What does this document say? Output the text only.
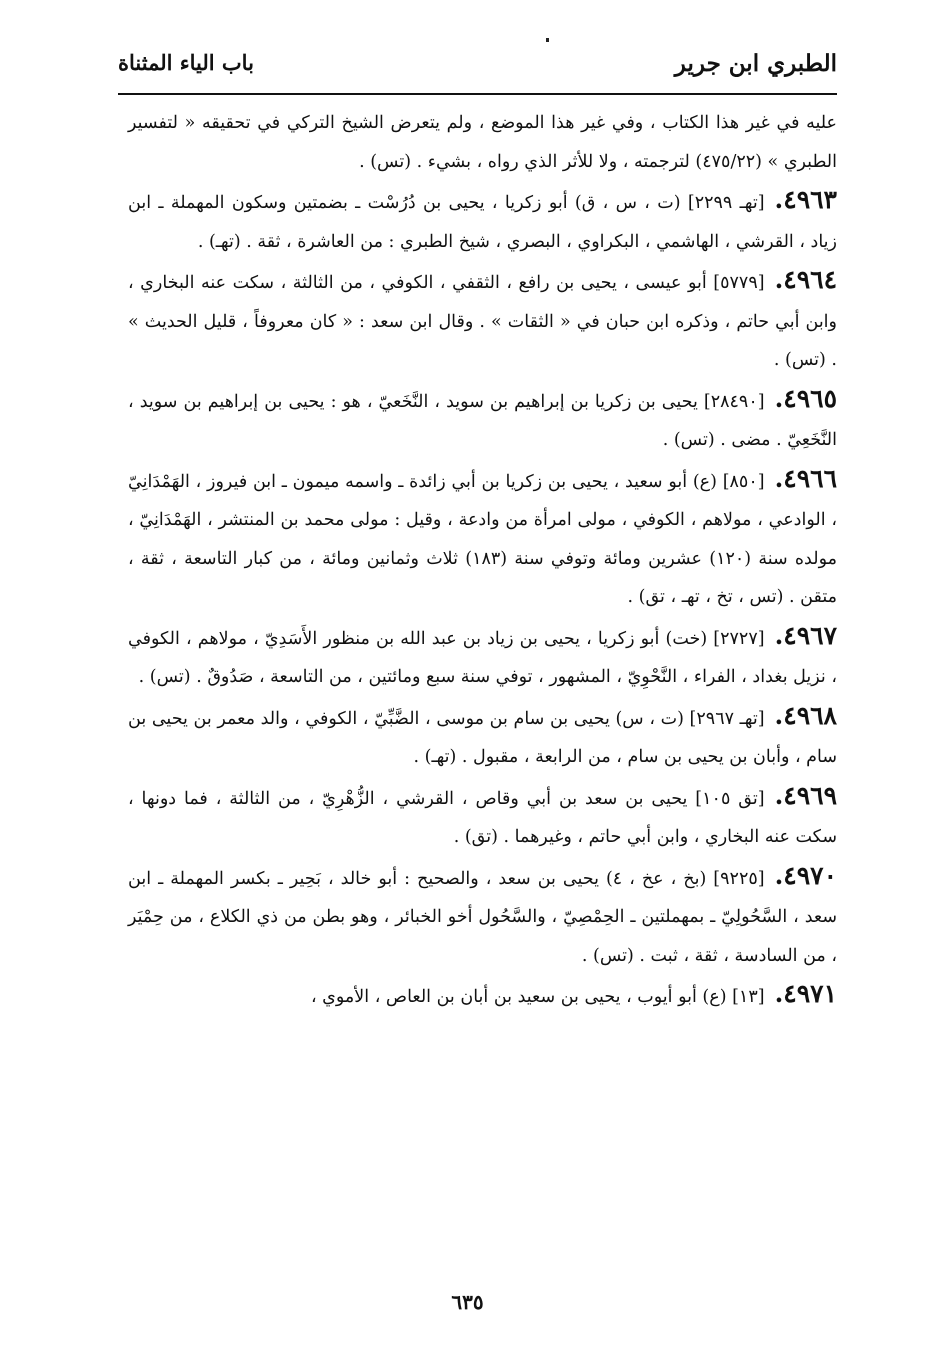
الطبري ابن جرير
باب الياء المثناة

عليه في غير هذا الكتاب ، وفي غير هذا الموضع ، ولم يتعرض الشيخ التركي في تحقيقه « لتفسير الطبري » (٤٧٥/٢٢) لترجمته ، ولا للأثر الذي رواه ، بشيء . (تس) .

٤٩٦٣.[تهـ ٢٢٩٩] (ت ، س ، ق) أبو زكريا ، يحيى بن دُرُسْت ـ بضمتين وسكون المهملة ـ ابن زياد ، القرشي ، الهاشمي ، البكراوي ، البصري ، شيخ الطبري : من العاشرة ، ثقة . (تهـ) .

٤٩٦٤.[٥٧٧٩] أبو عيسى ، يحيى بن رافع ، الثقفي ، الكوفي ، من الثالثة ، سكت عنه البخاري ، وابن أبي حاتم ، وذكره ابن حبان في « الثقات » . وقال ابن سعد : « كان معروفاً ، قليل الحديث » . (تس) .

٤٩٦٥.[٢٨٤٩٠] يحيى بن زكريا بن إبراهيم بن سويد ، النَّخَعيّ ، هو : يحيى بن إبراهيم بن سويد ، النَّخَعِيّ . مضى . (تس) .

٤٩٦٦.[٨٥٠] (ع) أبو سعيد ، يحيى بن زكريا بن أبي زائدة ـ واسمه ميمون ـ ابن فيروز ، الهَمْدَانِيّ ، الوادعي ، مولاهم ، الكوفي ، مولى امرأة من وادعة ، وقيل : مولى محمد بن المنتشر ، الهَمْدَانِيّ ، مولده سنة (١٢٠) عشرين ومائة وتوفي سنة (١٨٣) ثلاث وثمانين ومائة ، من كبار التاسعة ، ثقة ، متقن . (تس ، تخ ، تهـ ، تق) .

٤٩٦٧.[٢٧٢٧] (خت) أبو زكريا ، يحيى بن زياد بن عبد الله بن منظور الأَسَدِيّ ، مولاهم ، الكوفي ، نزيل بغداد ، الفراء ، النَّحْوِيّ ، المشهور ، توفي سنة سبع ومائتين ، من التاسعة ، صَدُوقٌ . (تس) .

٤٩٦٨.[تهـ ٢٩٦٧] (ت ، س) يحيى بن سام بن موسى ، الضَّبِّيّ ، الكوفي ، والد معمر بن يحيى بن سام ، وأبان بن يحيى بن سام ، من الرابعة ، مقبول . (تهـ) .

٤٩٦٩.[تق ١٠٥] يحيى بن سعد بن أبي وقاص ، القرشي ، الزُّهْرِيّ ، من الثالثة ، فما دونها ، سكت عنه البخاري ، وابن أبي حاتم ، وغيرهما . (تق) .

٤٩٧٠.[٩٢٢٥] (بخ ، عخ ، ٤) يحيى بن سعد ، والصحيح : أبو خالد ، بَحِير ـ بكسر المهملة ـ ابن سعد ، السَّحُولِيّ ـ بمهملتين ـ الحِمْصِيّ ، والسَّحُول أخو الخبائر ، وهو بطن من ذي الكلاع ، من حِمْيَر ، من السادسة ، ثقة ، ثبت . (تس) .

٤٩٧١.[١٣] (ع) أبو أيوب ، يحيى بن سعيد بن أبان بن العاص ، الأموي ،

٦٣٥
